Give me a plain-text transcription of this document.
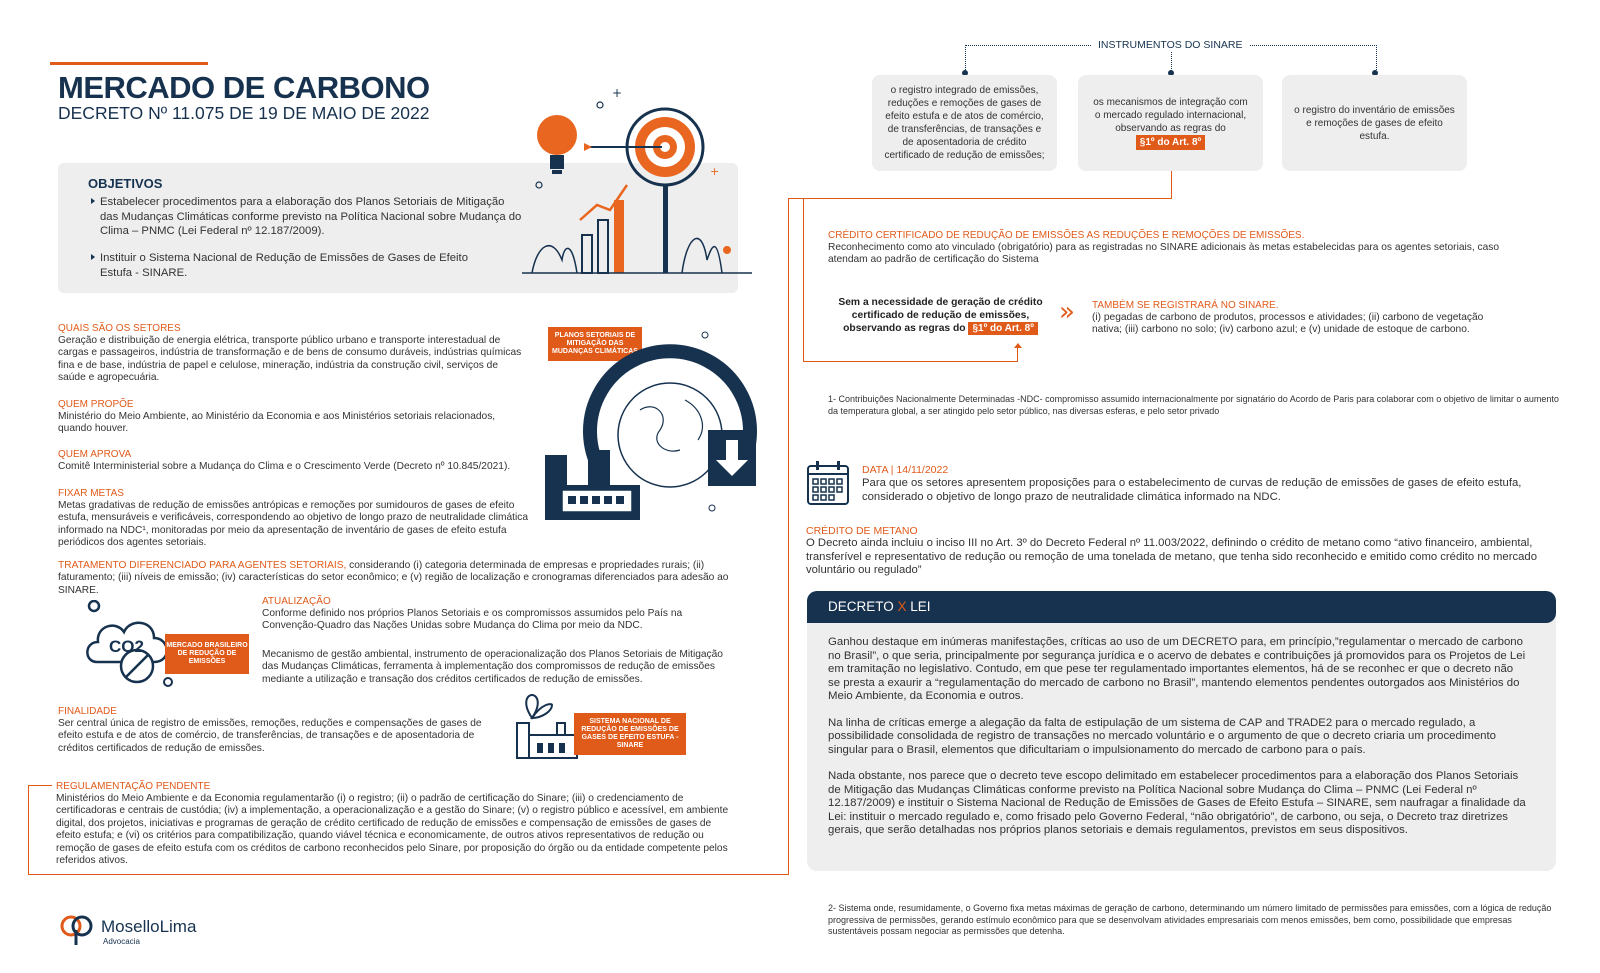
MERCADO DE CARBONO
DECRETO Nº 11.075 DE 19 DE MAIO DE 2022
OBJETIVOS
Estabelecer procedimentos para a elaboração dos Planos Setoriais de Mitigação das Mudanças Climáticas conforme previsto na Política Nacional sobre Mudança do Clima – PNMC (Lei Federal nº 12.187/2009).
Instituir o Sistema Nacional de Redução de Emissões de Gases de Efeito Estufa - SINARE.
+
+
QUAIS SÃO OS SETORES
Geração e distribuição de energia elétrica, transporte público urbano e transporte interestadual de cargas e passageiros, indústria de transformação e de bens de consumo duráveis, indústrias químicas fina e de base, indústria de papel e celulose, mineração, indústria da construção civil, serviços de saúde e agropecuária.
QUEM PROPÕE
Ministério do Meio Ambiente, ao Ministério da Economia e aos Ministérios setoriais relacionados, quando houver.
QUEM APROVA
Comitê Interministerial sobre a Mudança do Clima e o Crescimento Verde (Decreto nº 10.845/2021).
FIXAR METAS
Metas gradativas de redução de emissões antrópicas e remoções por sumidouros de gases de efeito estufa, mensuráveis e verificáveis, correspondendo ao objetivo de longo prazo de neutralidade climática informado na NDC¹, monitoradas por meio da apresentação de inventário de gases de efeito estufa periódicos dos agentes setoriais.
TRATAMENTO DIFERENCIADO PARA AGENTES SETORIAIS, considerando (i) categoria determinada de empresas e propriedades rurais; (ii) faturamento; (iii) níveis de emissão; (iv) características do setor econômico; e (v) região de localização e cronogramas diferenciados para adesão ao SINARE.
PLANOS SETORIAIS DE MITIGAÇÃO DAS MUDANÇAS CLIMÁTICAS
CO2	MERCADO BRASILEIRO DE REDUÇÃO DE EMISSÕES
ATUALIZAÇÃO
Conforme definido nos próprios Planos Setoriais e os compromissos assumidos pelo País na Convenção-Quadro das Nações Unidas sobre Mudança do Clima por meio da NDC.
Mecanismo de gestão ambiental, instrumento de operacionalização dos Planos Setoriais de Mitigação das Mudanças Climáticas, ferramenta à implementação dos compromissos de redução de emissões mediante a utilização e transação dos créditos certificados de redução de emissões.
FINALIDADE
Ser central única de registro de emissões, remoções, reduções e compensações de gases de efeito estufa e de atos de comércio, de transferências, de transações e de aposentadoria de créditos certificados de redução de emissões.
SISTEMA NACIONAL DE REDUÇÃO DE EMISSÕES DE GASES DE EFEITO ESTUFA - SINARE
REGULAMENTAÇÃO PENDENTE
Ministérios do Meio Ambiente e da Economia regulamentarão (i) o registro; (ii) o padrão de certificação do Sinare; (iii) o credenciamento de certificadoras e centrais de custódia; (iv) a implementação, a operacionalização e a gestão do Sinare; (v) o registro público e acessível, em ambiente digital, dos projetos, iniciativas e programas de geração de crédito certificado de redução de emissões e compensação de emissões de gases de efeito estufa; e (vi) os critérios para compatibilização, quando viável técnica e economicamente, de outros ativos representativos de redução ou remoção de gases de efeito estufa com os créditos de carbono reconhecidos pelo Sinare, por proposição do órgão ou da entidade competente pelos referidos ativos.
MoselloLima
Advocacia
INSTRUMENTOS DO SINARE
o registro integrado de emissões, reduções e remoções de gases de efeito estufa e de atos de comércio, de transferências, de transações e de aposentadoria de crédito certificado de redução de emissões;
os mecanismos de integração com o mercado regulado internacional, observando as regras do
§1º do Art. 8º
o registro do inventário de emissões e remoções de gases de efeito estufa.
CRÉDITO CERTIFICADO DE REDUÇÃO DE EMISSÕES AS REDUÇÕES E REMOÇÕES DE EMISSÕES.
Reconhecimento como ato vinculado (obrigatório) para as registradas no SINARE adicionais às metas estabelecidas para os agentes setoriais, caso atendam ao padrão de certificação do Sistema
Sem a necessidade de geração de crédito certificado de redução de emissões, observando as regras do §1º do Art. 8º
» TAMBÉM SE REGISTRARÁ NO SINARE.
(i) pegadas de carbono de produtos, processos e atividades; (ii) carbono de vegetação nativa; (iii) carbono no solo; (iv) carbono azul; e (v) unidade de estoque de carbono.
1- Contribuições Nacionalmente Determinadas -NDC- compromisso assumido internacionalmente por signatário do Acordo de Paris para colaborar com o objetivo de limitar o aumento da temperatura global, a ser atingido pelo setor público, nas diversas esferas, e pelo setor privado
DATA | 14/11/2022
Para que os setores apresentem proposições para o estabelecimento de curvas de redução de emissões de gases de efeito estufa, considerado o objetivo de longo prazo de neutralidade climática informado na NDC.
CRÉDITO DE METANO
O Decreto ainda incluiu o inciso III no Art. 3º do Decreto Federal nº 11.003/2022, definindo o crédito de metano como “ativo financeiro, ambiental, transferível e representativo de redução ou remoção de uma tonelada de metano, que tenha sido reconhecido e emitido como crédito no mercado voluntário ou regulado”
DECRETO X LEI

Ganhou destaque em inúmeras manifestações, críticas ao uso de um DECRETO para, em princípio,”regulamentar o mercado de carbono no Brasil”, o que seria, principalmente por segurança jurídica e o acervo de debates e contribuições já promovidos para os Projetos de Lei em tramitação no legislativo. Contudo, em que pese ter regulamentado importantes elementos, há de se reconhec er que o decreto não se presta a exaurir a “regulamentação do mercado de carbono no Brasil”, mantendo elementos pendentes outorgados aos Ministérios do Meio Ambiente, da Economia e outros.

Na linha de críticas emerge a alegação da falta de estipulação de um sistema de CAP and TRADE2 para o mercado regulado, a possibilidade consolidada de registro de transações no mercado voluntário e o argumento de que o decreto criaria um procedimento singular para o Brasil, elementos que dificultariam o impulsionamento do mercado de carbono para o país.

Nada obstante, nos parece que o decreto teve escopo delimitado em estabelecer procedimentos para a elaboração dos Planos Setoriais de Mitigação das Mudanças Climáticas conforme previsto na Política Nacional sobre Mudança do Clima – PNMC (Lei Federal nº 12.187/2009) e instituir o Sistema Nacional de Redução de Emissões de Gases de Efeito Estufa – SINARE, sem naufragar a finalidade da Lei: instituir o mercado regulado e, como frisado pelo Governo Federal, “não obrigatório”, de carbono, ou seja, o Decreto traz diretrizes gerais, que serão detalhadas nos próprios planos setoriais e demais regulamentos, previstos em seus dispositivos.

2- Sistema onde, resumidamente, o Governo fixa metas máximas de geração de carbono, determinando um número limitado de permissões para emissões, com a lógica de redução progressiva de permissões, gerando estímulo econômico para que se desenvolvam atividades empresariais com menos emissões, bem como, possibilidade que empresas sustentáveis possam negociar as permissões que detenha.
